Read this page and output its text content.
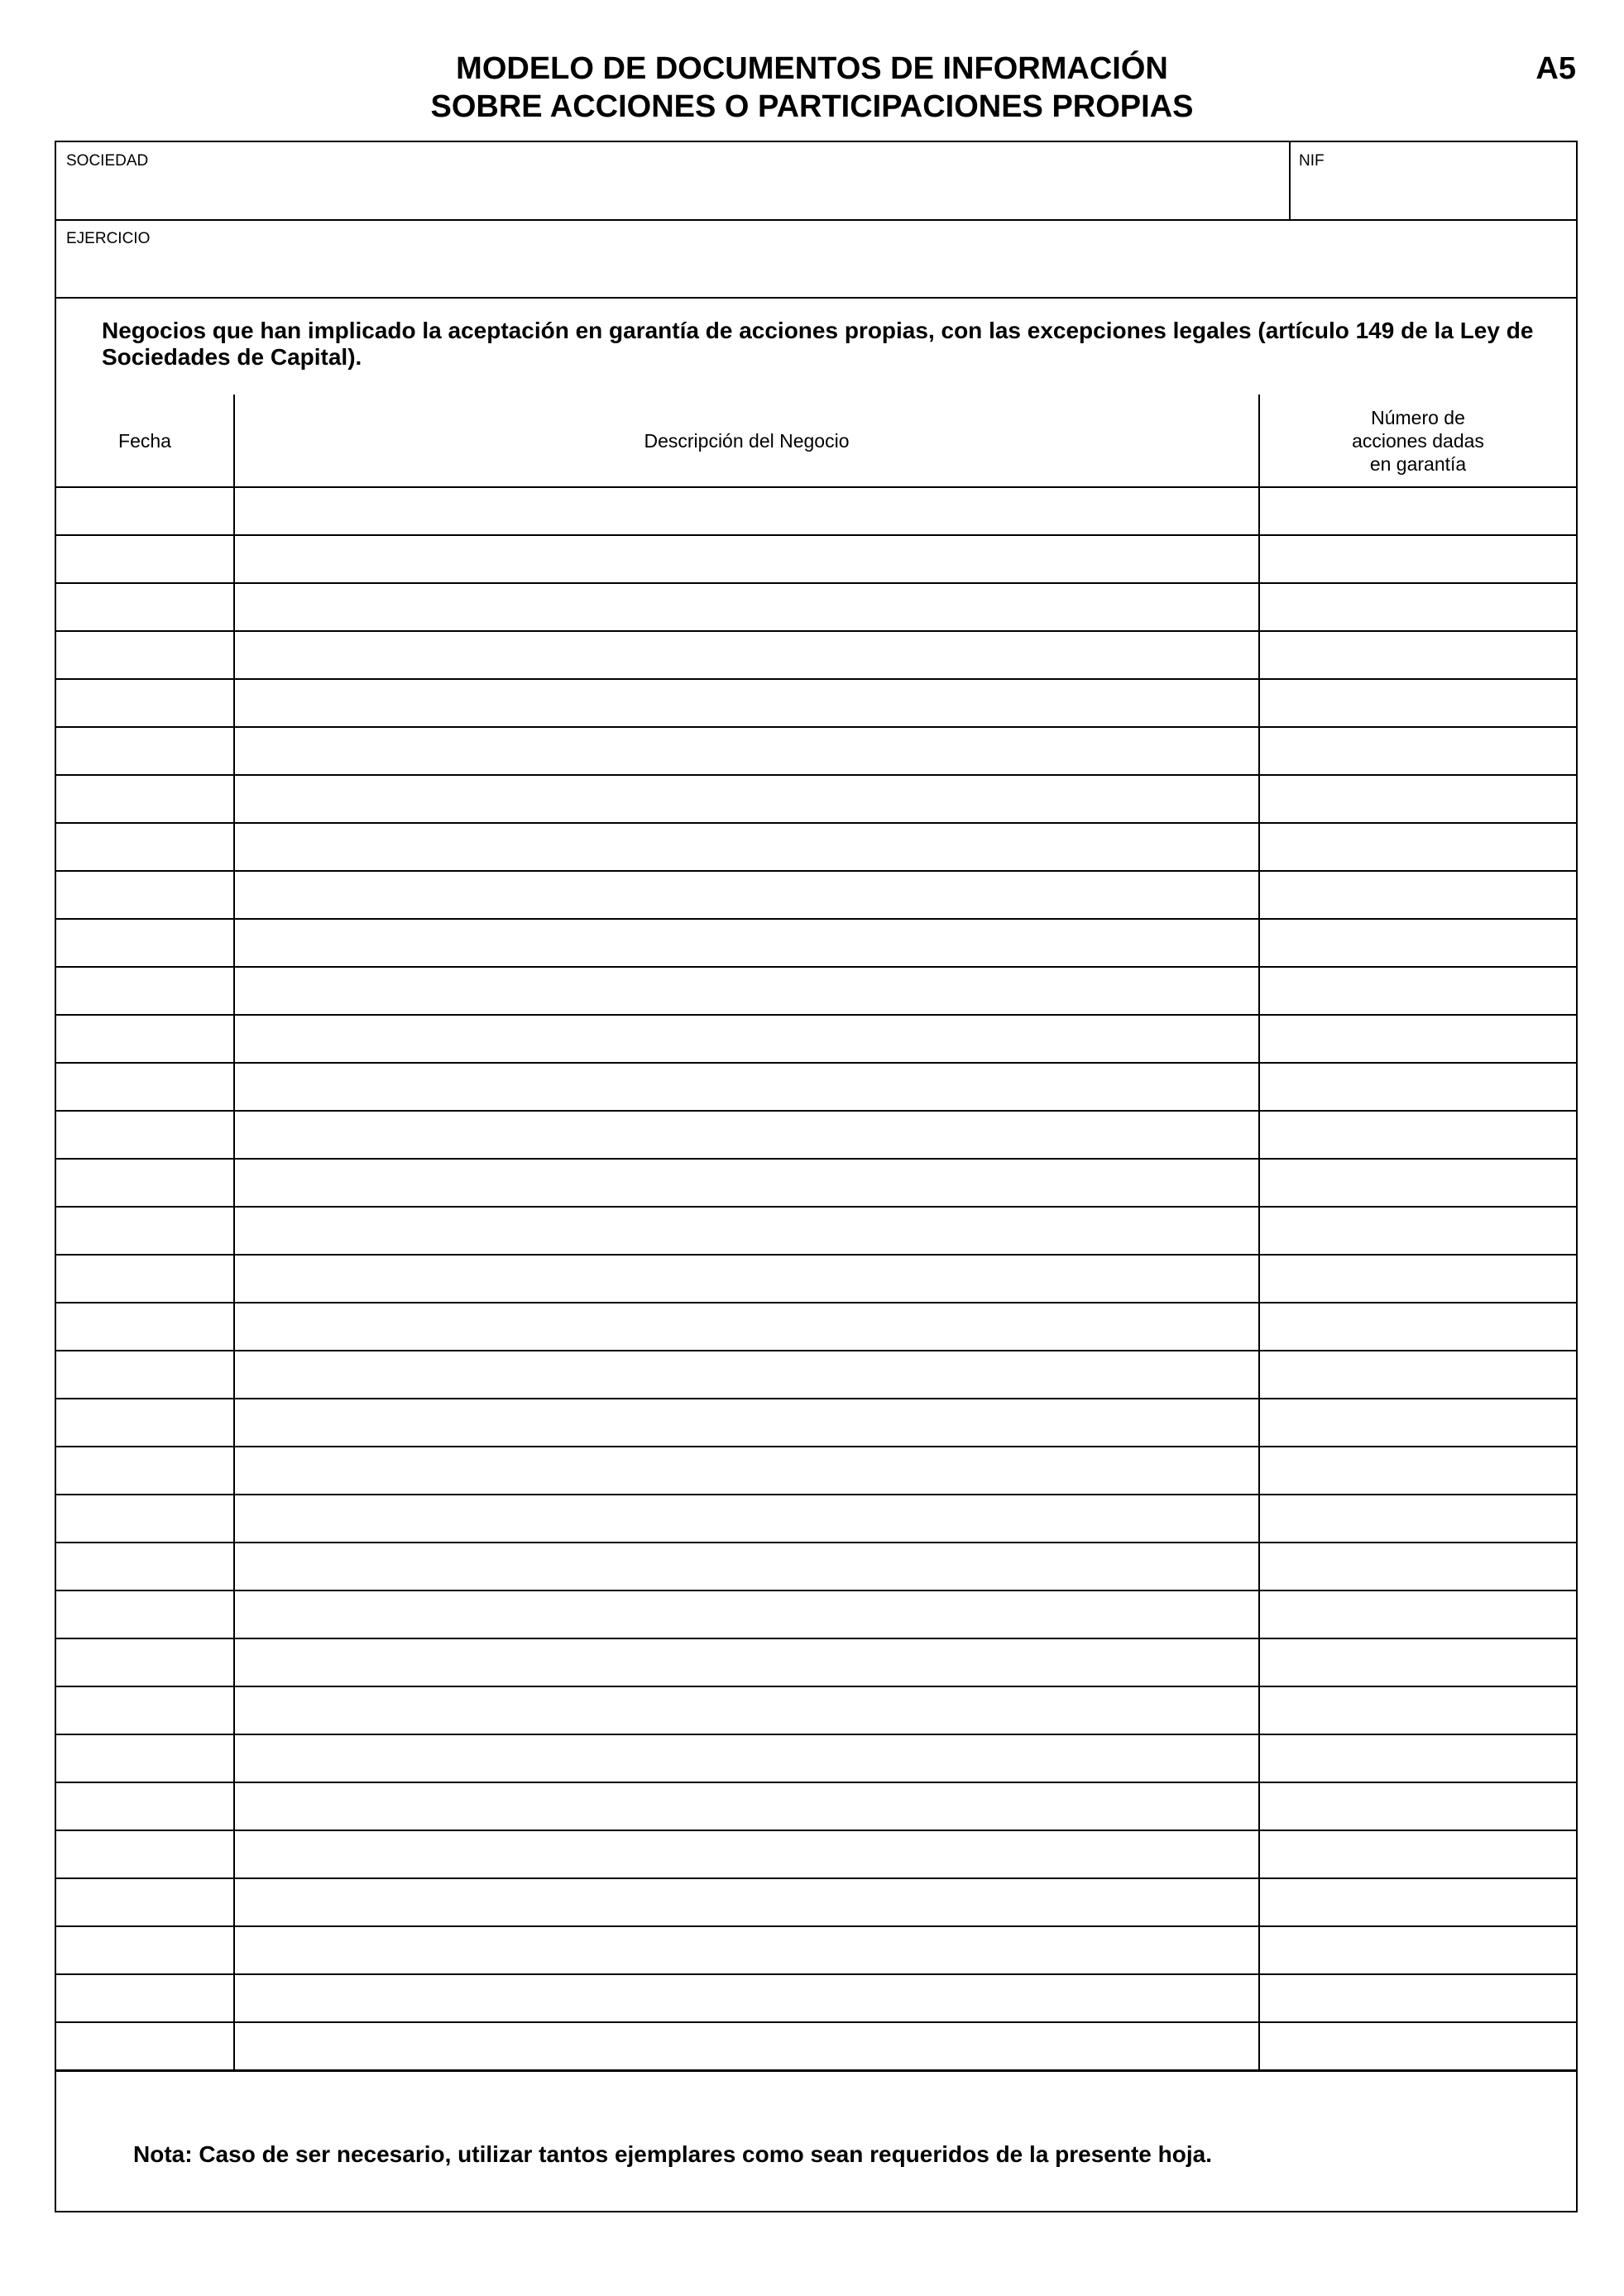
MODELO DE DOCUMENTOS DE INFORMACIÓN
SOBRE ACCIONES O PARTICIPACIONES PROPIAS
A5
SOCIEDAD	NIF
EJERCICIO
Negocios que han implicado la aceptación en garantía de acciones propias, con las excepciones legales (artículo 149 de la Ley de Sociedades de Capital).
Fecha	Descripción del Negocio	Número de acciones dadas en garantía

Nota: Caso de ser necesario, utilizar tantos ejemplares como sean requeridos de la presente hoja.
